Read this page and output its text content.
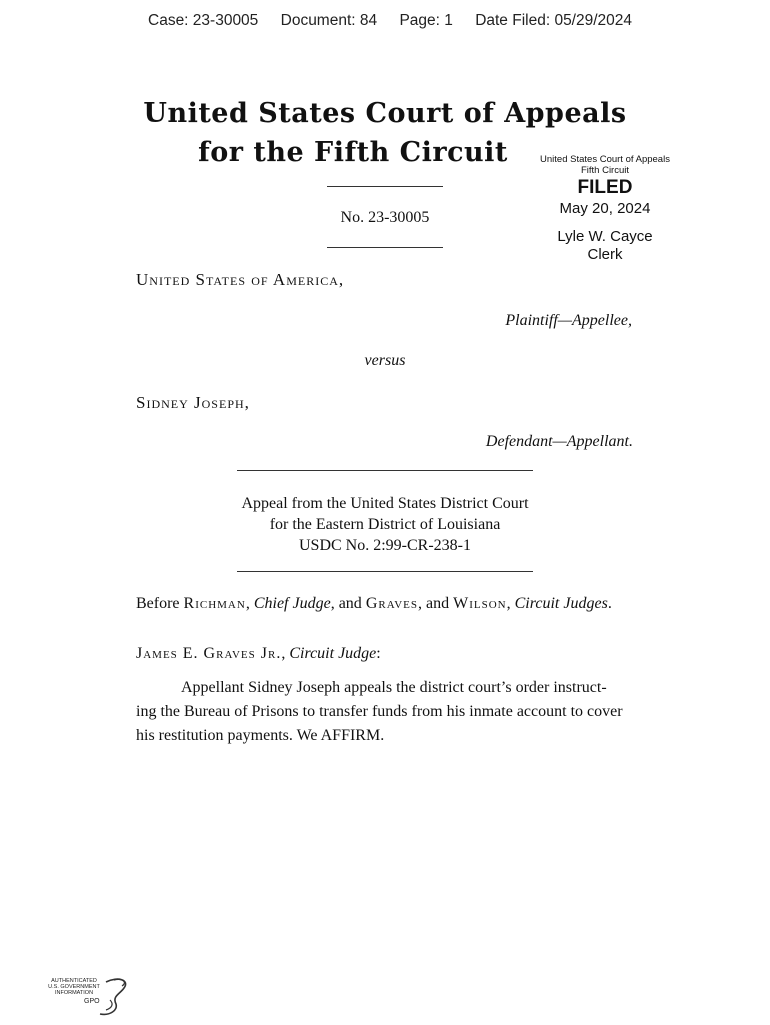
Case: 23-30005 Document: 84 Page: 1 Date Filed: 05/29/2024
United States Court of Appeals
for the Fifth Circuit	United States Court of Appeals
Fifth Circuit
FILED
May 20, 2024
Lyle W. Cayce
Clerk
No. 23-30005
United States of America,
Plaintiff—Appellee,
versus
Sidney Joseph,
Defendant—Appellant.
Appeal from the United States District Court
for the Eastern District of Louisiana
USDC No. 2:99-CR-238-1
Before Richman, Chief Judge, and Graves, and Wilson, Circuit Judges.
James E. Graves Jr., Circuit Judge:
Appellant Sidney Joseph appeals the district court’s order instruct-
ing the Bureau of Prisons to transfer funds from his inmate account to cover
his restitution payments. We AFFIRM.
AUTHENTICATED
U.S. GOVERNMENT
INFORMATION
GPO
